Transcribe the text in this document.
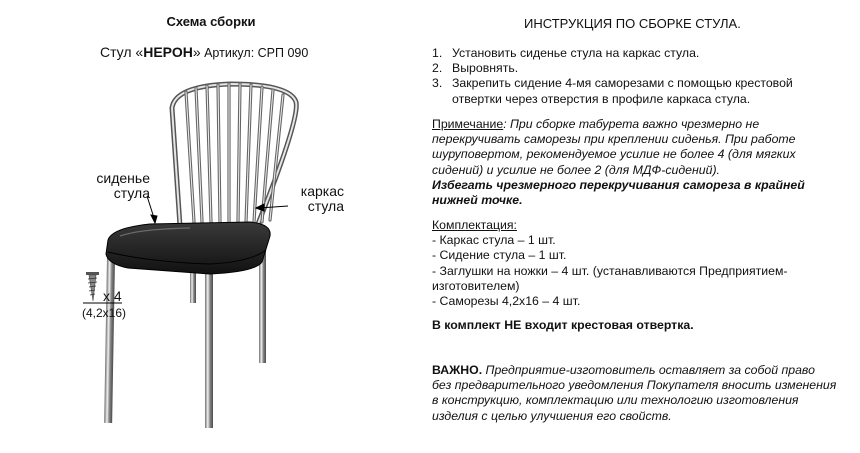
Схема сборки
Стул «НЕРОН» Артикул: СРП 090
сиденье
стула	каркас
стула
x 4
(4,2x16)
ИНСТРУКЦИЯ ПО СБОРКЕ СТУЛА.
1. Установить сиденье стула на каркас стула.
2. Выровнять.
3. Закрепить сидение 4-мя саморезами с помощью крестовой отвертки через отверстия в профиле каркаса стула.
Примечание: При сборке табурета важно чрезмерно не перекручивать саморезы при креплении сиденья. При работе шуруповертом, рекомендуемое усилие не более 4 (для мягких сидений) и усилие не более 2 (для МДФ-сидений).
Избегать чрезмерного перекручивания самореза в крайней нижней точке.
Комплектация:
- Каркас стула – 1 шт.
- Сидение стула – 1 шт.
- Заглушки на ножки – 4 шт. (устанавливаются Предприятием-изготовителем)
- Саморезы 4,2х16 – 4 шт.
В комплект НЕ входит крестовая отвертка.
ВАЖНО. Предприятие-изготовитель оставляет за собой право без предварительного уведомления Покупателя вносить изменения в конструкцию, комплектацию или технологию изготовления изделия с целью улучшения его свойств.
